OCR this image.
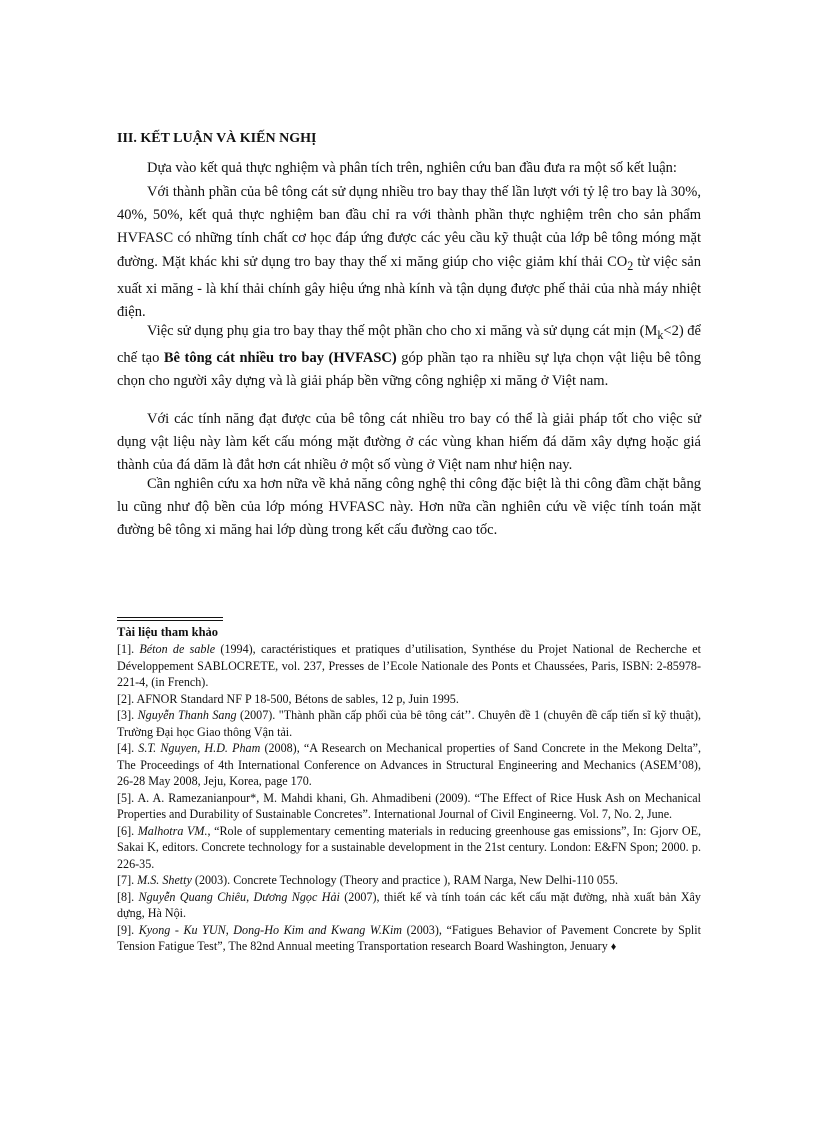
III. KẾT LUẬN VÀ KIẾN NGHỊ

Dựa vào kết quả thực nghiệm và phân tích trên, nghiên cứu ban đầu đưa ra một số kết luận:

Với thành phần của bê tông cát sử dụng nhiều tro bay thay thế lần lượt với tỷ lệ tro bay là 30%, 40%, 50%, kết quả thực nghiệm ban đầu chỉ ra với thành phần thực nghiệm trên cho sản phẩm HVFASC có những tính chất cơ học đáp ứng được các yêu cầu kỹ thuật của lớp bê tông móng mặt đường. Mặt khác khi sử dụng tro bay thay thế xi măng giúp cho việc giảm khí thải $CO_2$ từ việc sản xuất xi măng - là khí thải chính gây hiệu ứng nhà kính và tận dụng được phế thải của nhà máy nhiệt điện.

Việc sử dụng phụ gia tro bay thay thế một phần cho cho xi măng và sử dụng cát mịn $(M_k<2)$ để chế tạo Bê tông cát nhiều tro bay (HVFASC) góp phần tạo ra nhiều sự lựa chọn vật liệu bê tông chọn cho người xây dựng và là giải pháp bền vững công nghiệp xi măng ở Việt nam.

Với các tính năng đạt được của bê tông cát nhiều tro bay có thể là giải pháp tốt cho việc sử dụng vật liệu này làm kết cấu móng mặt đường ở các vùng khan hiếm đá dăm xây dựng hoặc giá thành của đá dăm là đắt hơn cát nhiều ở một số vùng ở Việt nam như hiện nay.

Cần nghiên cứu xa hơn nữa về khả năng công nghệ thi công đặc biệt là thi công đầm chặt bằng lu cũng như độ bền của lớp móng HVFASC này. Hơn nữa cần nghiên cứu về việc tính toán mặt đường bê tông xi măng hai lớp dùng trong kết cấu đường cao tốc.

Tài liệu tham khảo

[1]. Béton de sable (1994), caractéristiques et pratiques d’utilisation, Synthése du Projet National de Recherche et Développement SABLOCRETE, vol. 237, Presses de l’Ecole Nationale des Ponts et Chaussées, Paris, ISBN: 2-85978-221-4, (in French).

[2]. AFNOR Standard NF P 18-500, Bétons de sables, 12 p, Juin 1995.

[3]. Nguyễn Thanh Sang (2007). "Thành phần cấp phối của bê tông cát’’. Chuyên đề 1 (chuyên đề cấp tiến sĩ kỹ thuật), Trường Đại học Giao thông Vận tải.

[4]. S.T. Nguyen, H.D. Pham (2008), “A Research on Mechanical properties of Sand Concrete in the Mekong Delta”, The Proceedings of 4th International Conference on Advances in Structural Engineering and Mechanics (ASEM’08), 26-28 May 2008, Jeju, Korea, page 170.

[5]. A. A. Ramezanianpour*, M. Mahdi khani, Gh. Ahmadibeni (2009). “The Effect of Rice Husk Ash on Mechanical Properties and Durability of Sustainable Concretes”. International Journal of Civil Engineerng. Vol. 7, No. 2, June.

[6]. Malhotra VM., “Role of supplementary cementing materials in reducing greenhouse gas emissions”, In: Gjorv OE, Sakai K, editors. Concrete technology for a sustainable development in the 21st century. London: E&FN Spon; 2000. p. 226-35.

[7]. M.S. Shetty (2003). Concrete Technology (Theory and practice ), RAM Narga, New Delhi-110 055.

[8]. Nguyễn Quang Chiêu, Dương Ngọc Hải (2007), thiết kế và tính toán các kết cấu mặt đường, nhà xuất bản Xây dựng, Hà Nội.

[9]. Kyong - Ku YUN, Dong-Ho Kim and Kwang W.Kim (2003), “Fatigues Behavior of Pavement Concrete by Split Tension Fatigue Test”, The 82nd Annual meeting Transportation research Board Washington, Jenuary ♦
